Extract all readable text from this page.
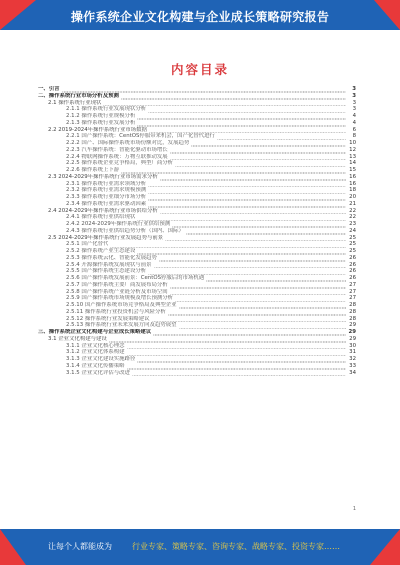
操作系统企业文化构建与企业成长策略研究报告
内容目录
一、引言	3
二、操作系统行业市场分析及预测	3
2.1 操作系统行业现状	3
2.1.1 操作系统行业发展现状分析	3
2.1.2 操作系统行业规模分析	4
2.1.3 操作系统行业发展分析	4
2.2 2019-2024年操作系统行业市场数据	6
2.2.1 国产操作系统：CentOS停服带来机会，国产化替代进行	8
2.2.2 国产、国际操作系统市场份额对比，发展趋势	10
2.2.3 汽车操作系统：智能化驱动市场增长	12
2.2.4 物联网操作系统：万物互联推动发展	13
2.2.5 操作系统企业竞争格局，典型厂商分析	14
2.2.6 操作系统上下游	15
2.3 2024-2029年操作系统行业市场需求分析	16
2.3.1 操作系统行业需求领域分析	16
2.3.2 操作系统行业需求规模预测	18
2.3.3 操作系统行业细分市场分析	20
2.3.4 操作系统行业需求驱动因素	21
2.4 2024-2029年操作系统行业市场供给分析	22
2.4.1 操作系统行业供给现状	22
2.4.2 2024-2029年操作系统行业供给预测	23
2.4.3 操作系统行业供给趋势分析（国内、国际）	24
2.5 2024-2029年操作系统行业发展趋势与前景	25
2.5.1 国产化替代	25
2.5.2 操作系统产业生态建设	25
2.5.3 操作系统云化、智能化发展趋势	26
2.5.4 开源操作系统发展现状与前景	26
2.5.5 国产操作系统生态建设分析	26
2.5.6 国产操作系统发展前景：CentOS停服后的市场机遇	26
2.5.7 国产操作系统主要厂商发展布局分析	27
2.5.8 国产操作系统产业链分析及市场空间	27
2.5.9 国产操作系统市场规模及增长预测分析	27
2.5.10 国产操作系统市场竞争格局及典型企业	28
2.5.11 操作系统行业投资机会与风险分析	28
2.5.12 操作系统行业发展策略建议	28
2.5.13 操作系统行业未来发展方向及趋势展望	29
三、操作系统企业文化构建与企业成长策略建议	29
3.1 企业文化构建与建设	29
3.1.1 企业文化核心理念	30
3.1.2 企业文化体系构建	31
3.1.3 企业文化建设实施路径	32
3.1.4 企业文化传播策略	33
3.1.5 企业文化评估与改进	34
1
让每个人都能成为	行业专家、策略专家、咨询专家、战略专家、投资专家……
